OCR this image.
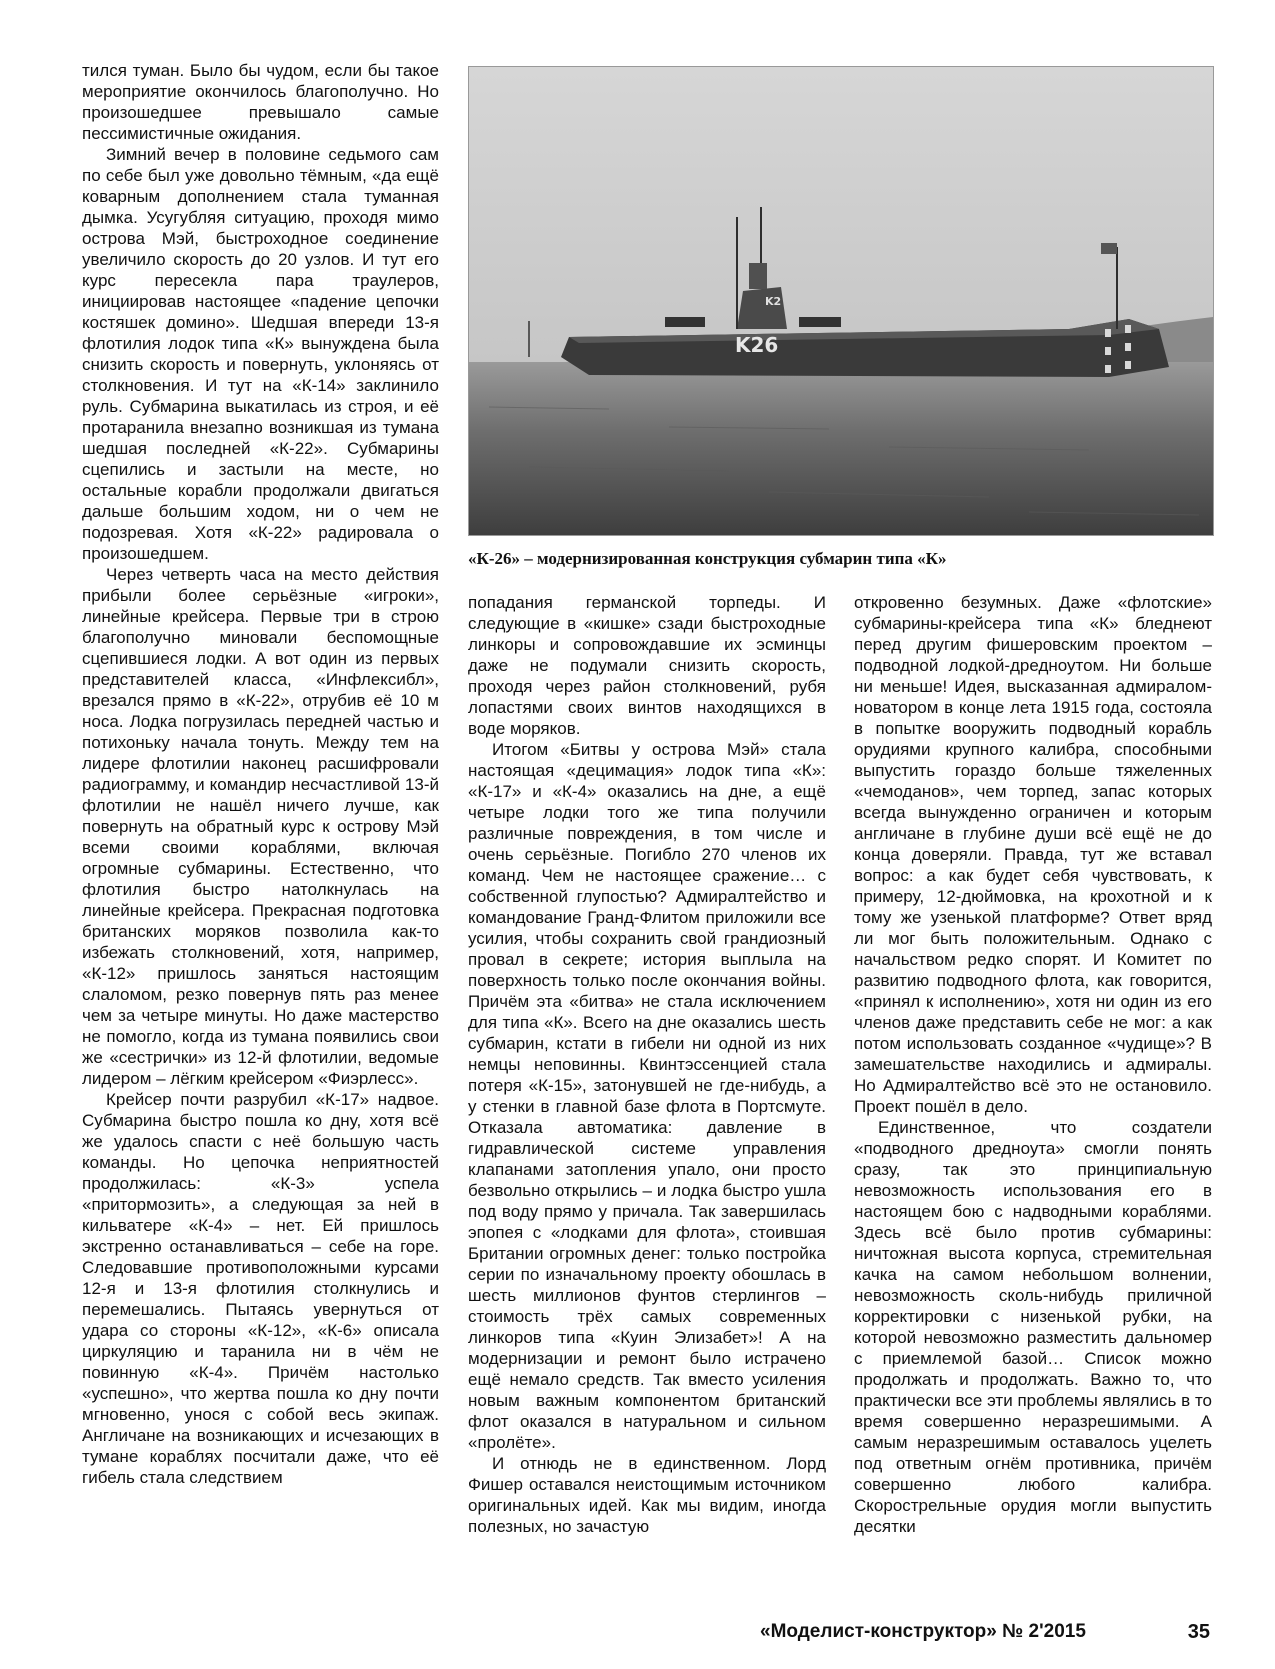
тился туман. Было бы чудом, если бы такое мероприятие окончилось благополучно. Но произошедшее превышало самые пессимистичные ожидания.

Зимний вечер в половине седьмого сам по себе был уже довольно тёмным, «да ещё коварным дополнением стала туманная дымка. Усугубляя ситуацию, проходя мимо острова Мэй, быстроходное соединение увеличило скорость до 20 узлов. И тут его курс пересекла пара траулеров, инициировав настоящее «падение цепочки костяшек домино». Шедшая впереди 13-я флотилия лодок типа «К» вынуждена была снизить скорость и повернуть, уклоняясь от столкновения. И тут на «К-14» заклинило руль. Субмарина выкатилась из строя, и её протаранила внезапно возникшая из тумана шедшая последней «К-22». Субмарины сцепились и застыли на месте, но остальные корабли продолжали двигаться дальше большим ходом, ни о чем не подозревая. Хотя «К-22» радировала о произошедшем.

Через четверть часа на место действия прибыли более серьёзные «игроки», линейные крейсера. Первые три в строю благополучно миновали беспомощные сцепившиеся лодки. А вот один из первых представителей класса, «Инфлексибл», врезался прямо в «К-22», отрубив её 10 м носа. Лодка погрузилась передней частью и потихоньку начала тонуть. Между тем на лидере флотилии наконец расшифровали радиограмму, и командир несчастливой 13-й флотилии не нашёл ничего лучше, как повернуть на обратный курс к острову Мэй всеми своими кораблями, включая огромные субмарины. Естественно, что флотилия быстро натолкнулась на линейные крейсера. Прекрасная подготовка британских моряков позволила как-то избежать столкновений, хотя, например, «К-12» пришлось заняться настоящим слаломом, резко повернув пять раз менее чем за четыре минуты. Но даже мастерство не помогло, когда из тумана появились свои же «сестрички» из 12-й флотилии, ведомые лидером – лёгким крейсером «Фиэрлесс».

Крейсер почти разрубил «К-17» надвое. Субмарина быстро пошла ко дну, хотя всё же удалось спасти с неё большую часть команды. Но цепочка неприятностей продолжилась: «К-3» успела «притормозить», а следующая за ней в кильватере «К-4» – нет. Ей пришлось экстренно останавливаться – себе на горе. Следовавшие противоположными курсами 12-я и 13-я флотилия столкнулись и перемешались. Пытаясь увернуться от удара со стороны «К-12», «К-6» описала циркуляцию и таранила ни в чём не повинную «К-4». Причём настолько «успешно», что жертва пошла ко дну почти мгновенно, унося с собой весь экипаж. Англичане на возникающих и исчезающих в тумане кораблях посчитали даже, что её гибель стала следствием

K26
K2
«К-26» – модернизированная конструкция субмарин типа «К»

попадания германской торпеды. И следующие в «кишке» сзади быстроходные линкоры и сопровождавшие их эсминцы даже не подумали снизить скорость, проходя через район столкновений, рубя лопастями своих винтов находящихся в воде моряков.

Итогом «Битвы у острова Мэй» стала настоящая «децимация» лодок типа «К»: «К-17» и «К-4» оказались на дне, а ещё четыре лодки того же типа получили различные повреждения, в том числе и очень серьёзные. Погибло 270 членов их команд. Чем не настоящее сражение… с собственной глупостью? Адмиралтейство и командование Гранд-Флитом приложили все усилия, чтобы сохранить свой грандиозный провал в секрете; история выплыла на поверхность только после окончания войны. Причём эта «битва» не стала исключением для типа «К». Всего на дне оказались шесть субмарин, кстати в гибели ни одной из них немцы неповинны. Квинтэссенцией стала потеря «К-15», затонувшей не где-нибудь, а у стенки в главной базе флота в Портсмуте. Отказала автоматика: давление в гидравлической системе управления клапанами затопления упало, они просто безвольно открылись – и лодка быстро ушла под воду прямо у причала. Так завершилась эпопея с «лодками для флота», стоившая Британии огромных денег: только постройка серии по изначальному проекту обошлась в шесть миллионов фунтов стерлингов – стоимость трёх самых современных линкоров типа «Куин Элизабет»! А на модернизации и ремонт было истрачено ещё немало средств. Так вместо усиления новым важным компонентом британский флот оказался в натуральном и сильном «пролёте».

И отнюдь не в единственном. Лорд Фишер оставался неистощимым источником оригинальных идей. Как мы видим, иногда полезных, но зачастую

откровенно безумных. Даже «флотские» субмарины-крейсера типа «К» бледнеют перед другим фишеровским проектом – подводной лодкой-дредноутом. Ни больше ни меньше! Идея, высказанная адмиралом-новатором в конце лета 1915 года, состояла в попытке вооружить подводный корабль орудиями крупного калибра, способными выпустить гораздо больше тяжеленных «чемоданов», чем торпед, запас которых всегда вынужденно ограничен и которым англичане в глубине души всё ещё не до конца доверяли. Правда, тут же вставал вопрос: а как будет себя чувствовать, к примеру, 12-дюймовка, на крохотной и к тому же узенькой платформе? Ответ вряд ли мог быть положительным. Однако с начальством редко спорят. И Комитет по развитию подводного флота, как говорится, «принял к исполнению», хотя ни один из его членов даже представить себе не мог: а как потом использовать созданное «чудище»? В замешательстве находились и адмиралы. Но Адмиралтейство всё это не остановило. Проект пошёл в дело.

Единственное, что создатели «подводного дредноута» смогли понять сразу, так это принципиальную невозможность использования его в настоящем бою с надводными кораблями. Здесь всё было против субмарины: ничтожная высота корпуса, стремительная качка на самом небольшом волнении, невозможность сколь-нибудь приличной корректировки с низенькой рубки, на которой невозможно разместить дальномер с приемлемой базой… Список можно продолжать и продолжать. Важно то, что практически все эти проблемы являлись в то время совершенно неразрешимыми. А самым неразрешимым оставалось уцелеть под ответным огнём противника, причём совершенно любого калибра. Скорострельные орудия могли выпустить десятки

«Моделист-конструктор» № 2'2015	35
